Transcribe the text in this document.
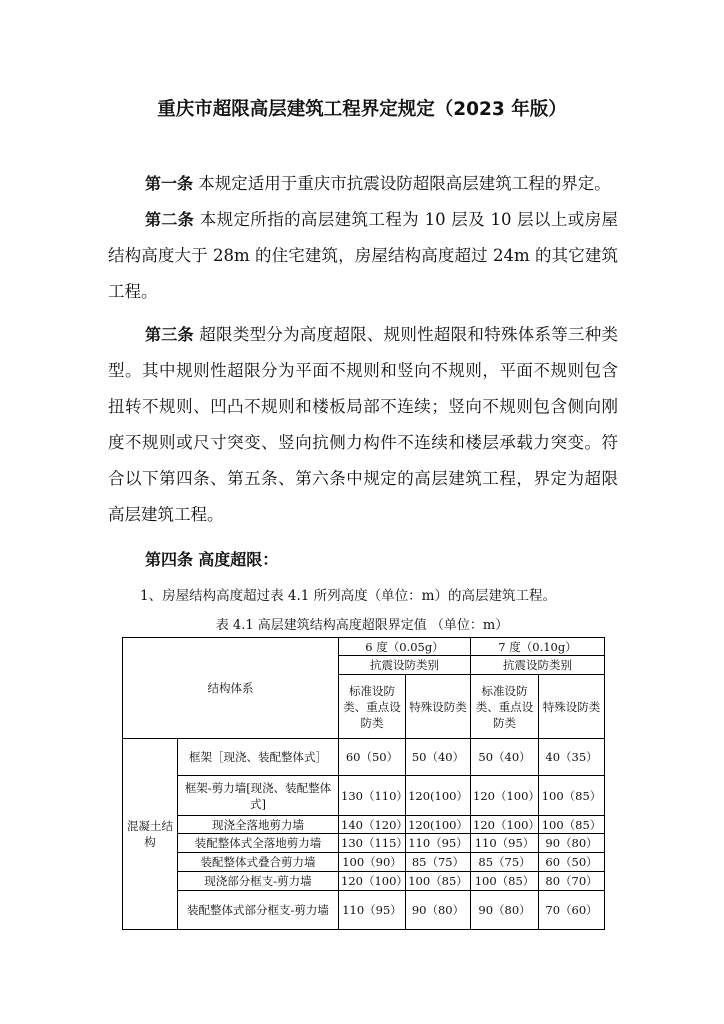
重庆市超限高层建筑工程界定规定（2023 年版）

第一条 本规定适用于重庆市抗震设防超限高层建筑工程的界定。

第二条 本规定所指的高层建筑工程为 10 层及 10 层以上或房屋结构高度大于 28m 的住宅建筑，房屋结构高度超过 24m 的其它建筑工程。

第三条 超限类型分为高度超限、规则性超限和特殊体系等三种类型。其中规则性超限分为平面不规则和竖向不规则，平面不规则包含扭转不规则、凹凸不规则和楼板局部不连续；竖向不规则包含侧向刚度不规则或尺寸突变、竖向抗侧力构件不连续和楼层承载力突变。符合以下第四条、第五条、第六条中规定的高层建筑工程，界定为超限高层建筑工程。

第四条 高度超限：

1、房屋结构高度超过表 4.1 所列高度（单位：m）的高层建筑工程。
表 4.1 高层建筑结构高度超限界定值 （单位：m）
结构体系		6 度（0.05g）		7 度（0.10g）	
		抗震设防类别		抗震设防类别	
		标准设防类、重点设防类	特殊设防类	标准设防类、重点设防类	特殊设防类
混凝土结构	框架［现浇、装配整体式］	60（50）	50（40）	50（40）	40（35）
	框架-剪力墙[现浇、装配整体式]	130（110）	120(100）	120（100）	100（85）
	现浇全落地剪力墙	140（120）	120(100）	120（100）	100（85）
	装配整体式全落地剪力墙	130（115）	110（95）	110（95）	90（80）
	装配整体式叠合剪力墙	100（90）	85（75）	85（75）	60（50）
	现浇部分框支-剪力墙	120（100）	100（85）	100（85）	80（70）
	装配整体式部分框支-剪力墙	110（95）	90（80）	90（80）	70（60）
